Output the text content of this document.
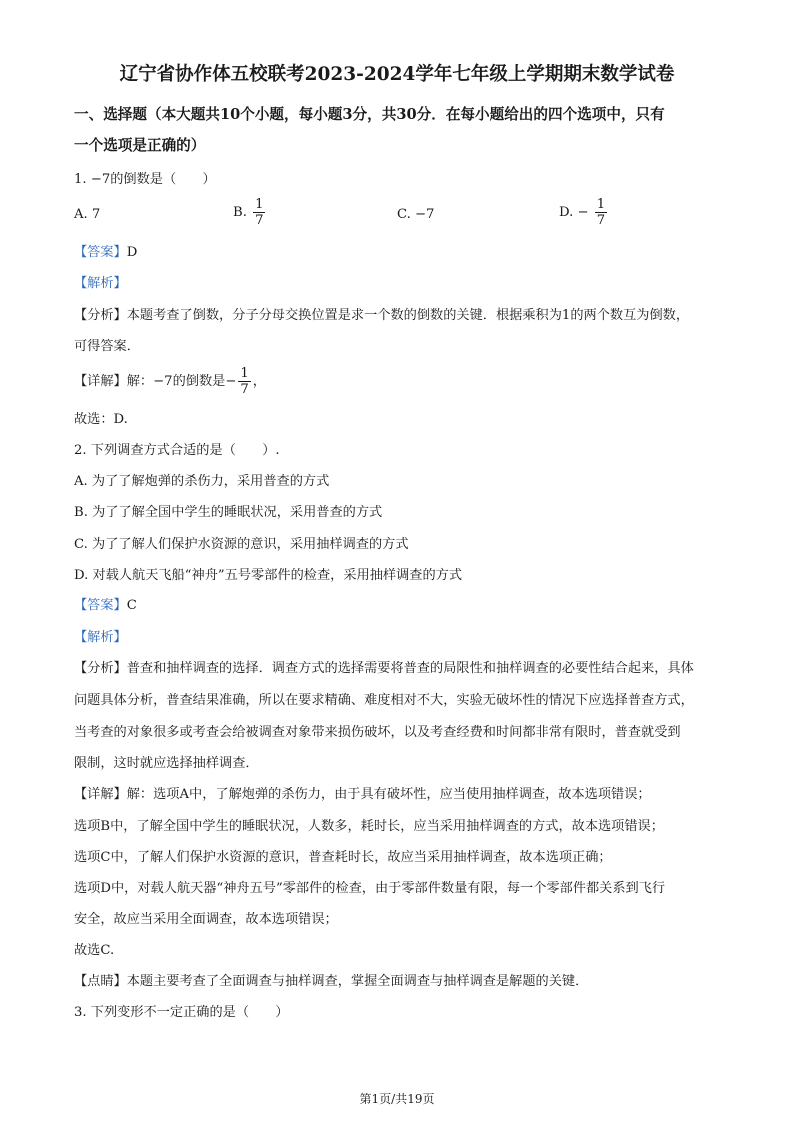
辽宁省协作体五校联考2023-2024学年七年级上学期期末数学试卷
一、选择题（本大题共10个小题，每小题3分，共30分．在每小题给出的四个选项中，只有
一个选项是正确的）
1. −7的倒数是（　　）
A. 7	B. $\frac{1}{7}$	C. −7	D. − $\frac{1}{7}$
【答案】D
【解析】
【分析】本题考查了倒数，分子分母交换位置是求一个数的倒数的关键．根据乘积为1的两个数互为倒数，
可得答案．
【详解】解：−7的倒数是− $\frac{1}{7}$ ，
故选：D.
2. 下列调查方式合适的是（　　）.
A. 为了了解炮弹的杀伤力，采用普查的方式
B. 为了了解全国中学生的睡眠状况，采用普查的方式
C. 为了了解人们保护水资源的意识，采用抽样调查的方式
D. 对载人航天飞船“神舟”五号零部件的检查，采用抽样调查的方式
【答案】C
【解析】
【分析】普查和抽样调查的选择．调查方式的选择需要将普查的局限性和抽样调查的必要性结合起来，具体
问题具体分析，普查结果准确，所以在要求精确、难度相对不大，实验无破坏性的情况下应选择普查方式，
当考查的对象很多或考查会给被调查对象带来损伤破坏，以及考查经费和时间都非常有限时，普查就受到
限制，这时就应选择抽样调查．
【详解】解：选项A中，了解炮弹的杀伤力，由于具有破坏性，应当使用抽样调查，故本选项错误；
选项B中，了解全国中学生的睡眠状况，人数多，耗时长，应当采用抽样调查的方式，故本选项错误；
选项C中，了解人们保护水资源的意识，普查耗时长，故应当采用抽样调查，故本选项正确；
选项D中，对载人航天器“神舟五号”零部件的检查，由于零部件数量有限，每一个零部件都关系到飞行
安全，故应当采用全面调查，故本选项错误；
故选C.
【点睛】本题主要考查了全面调查与抽样调查，掌握全面调查与抽样调查是解题的关键．
3. 下列变形不一定正确的是（　　）
第1页/共19页
